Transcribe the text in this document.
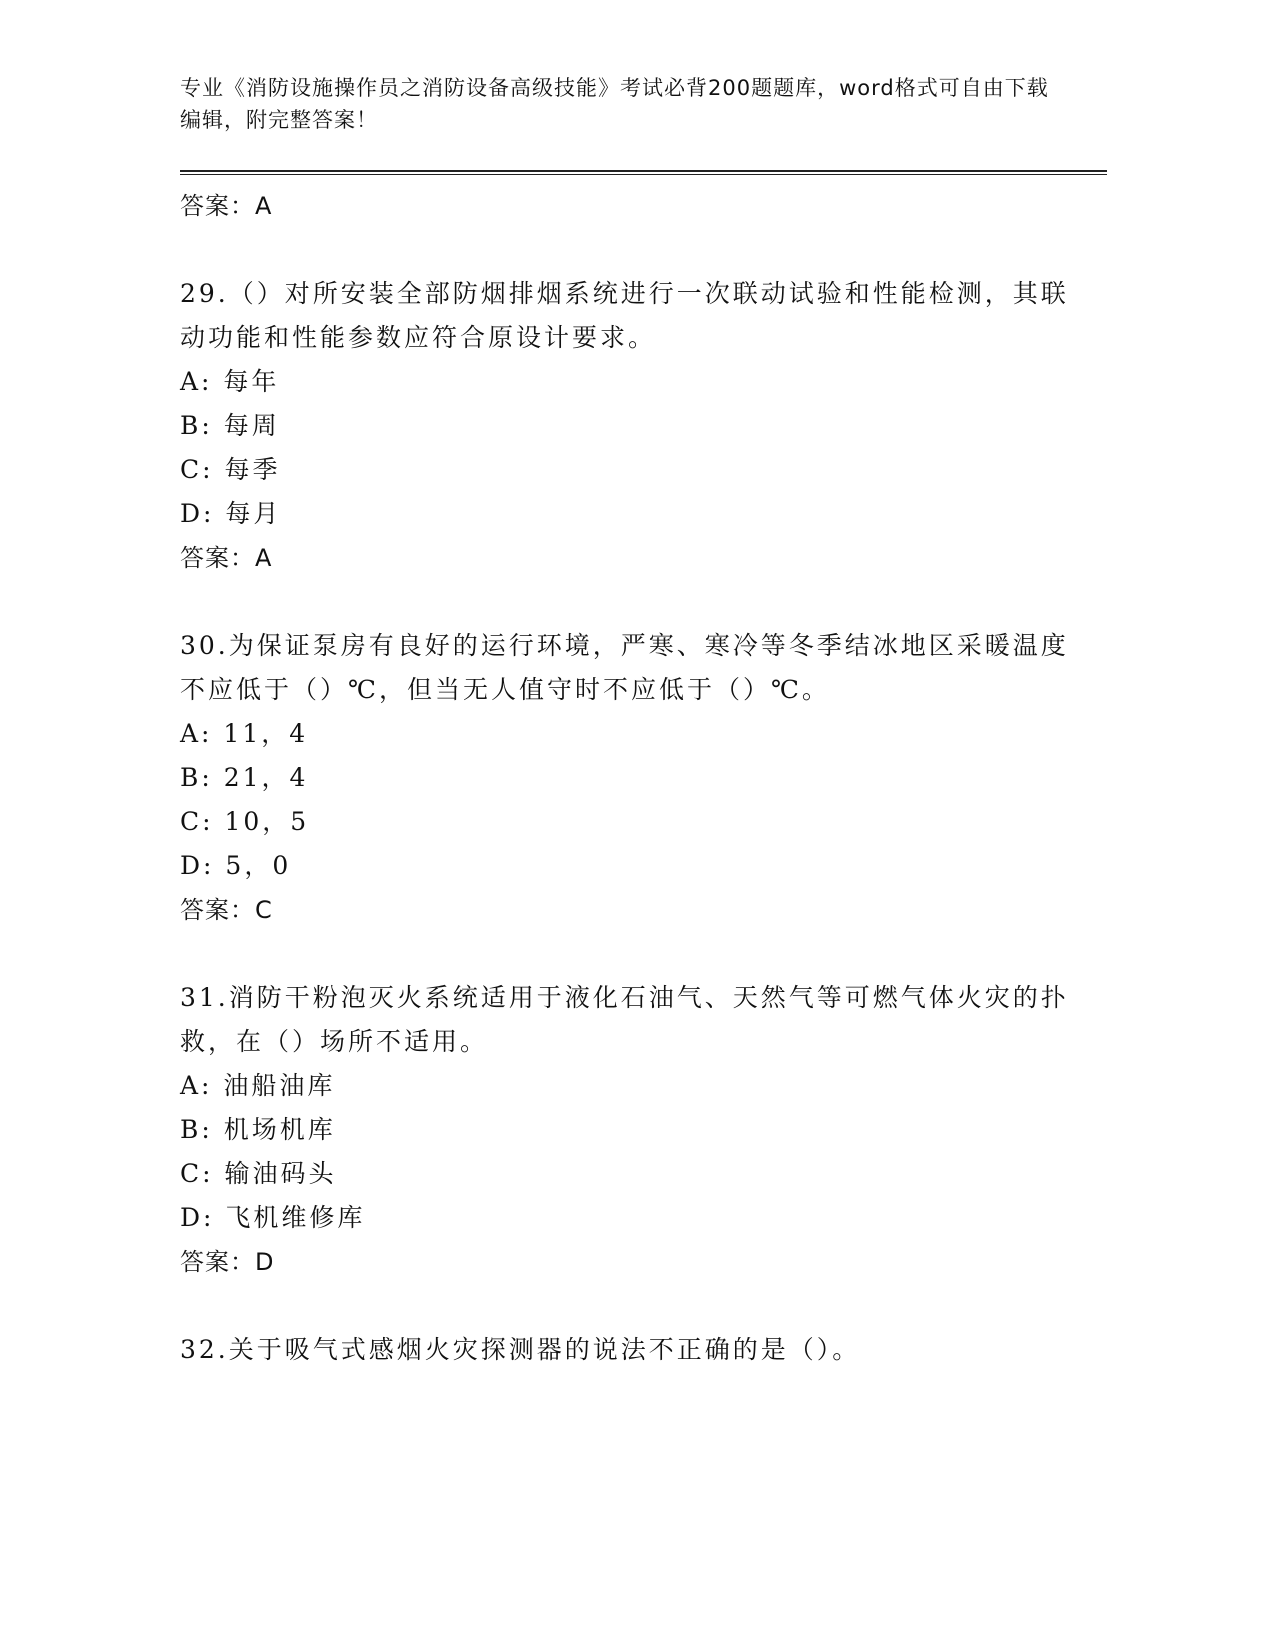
专业《消防设施操作员之消防设备高级技能》考试必背200题题库，word格式可自由下载编辑，附完整答案！
答案：A
29.（）对所安装全部防烟排烟系统进行一次联动试验和性能检测，其联动功能和性能参数应符合原设计要求。
A: 每年
B: 每周
C: 每季
D: 每月
答案：A
30.为保证泵房有良好的运行环境，严寒、寒冷等冬季结冰地区采暖温度不应低于（）℃，但当无人值守时不应低于（）℃。
A: 11，4
B: 21，4
C: 10，5
D: 5，0
答案：C
31.消防干粉泡灭火系统适用于液化石油气、天然气等可燃气体火灾的扑救，在（）场所不适用。
A: 油船油库
B: 机场机库
C: 输油码头
D: 飞机维修库
答案：D
32.关于吸气式感烟火灾探测器的说法不正确的是（）。
